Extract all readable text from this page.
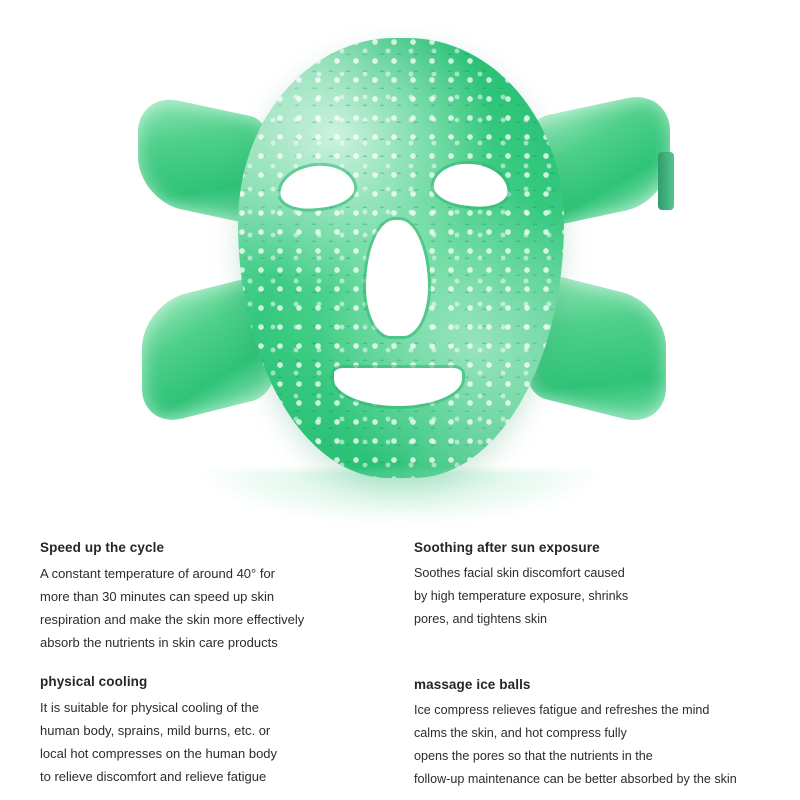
Speed up the cycle

A constant temperature of around 40° for
more than 30 minutes can speed up skin
respiration and make the skin more effectively
absorb the nutrients in skin care products

physical cooling

It is suitable for physical cooling of the
human body, sprains, mild burns, etc. or
local hot compresses on the human body
to relieve discomfort and relieve fatigue

Soothing after sun exposure

Soothes facial skin discomfort caused
by high temperature exposure, shrinks
pores, and tightens skin

massage ice balls

Ice compress relieves fatigue and refreshes the mind
calms the skin, and hot compress fully
opens the pores so that the nutrients in the
follow-up maintenance can be better absorbed by the skin
